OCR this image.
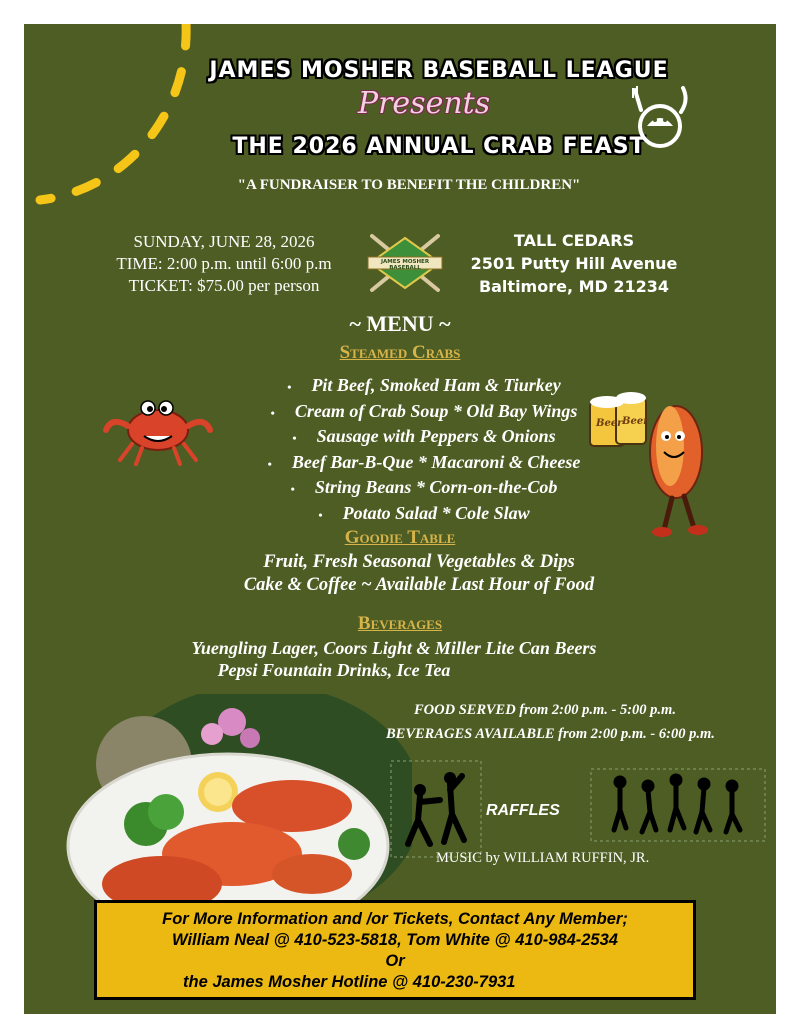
JAMES MOSHER BASEBALL LEAGUE
Presents
THE 2026 ANNUAL CRAB FEAST
"A FUNDRAISER TO BENEFIT THE CHILDREN"
SUNDAY, JUNE 28, 2026
TIME: 2:00 p.m. until 6:00 p.m
TICKET: $75.00 per person
JAMES MOSHER BASEBALL
TALL CEDARS
2501 Putty Hill Avenue
Baltimore, MD 21234
~ MENU ~
Steamed Crabs
• Pit Beef, Smoked Ham & Tiurkey
• Cream of Crab Soup * Old Bay Wings
• Sausage with Peppers & Onions
• Beef Bar-B-Que * Macaroni & Cheese
• String Beans * Corn-on-the-Cob
• Potato Salad * Cole Slaw
Beer Beer
Goodie Table
Fruit, Fresh Seasonal Vegetables & Dips
Cake & Coffee ~ Available Last Hour of Food
Beverages
Yuengling Lager, Coors Light & Miller Lite Can Beers
Pepsi Fountain Drinks, Ice Tea
FOOD SERVED from 2:00 p.m. - 5:00 p.m.
BEVERAGES AVAILABLE from 2:00 p.m. - 6:00 p.m.
RAFFLES
MUSIC by WILLIAM RUFFIN, JR.
For More Information and /or Tickets, Contact Any Member;
William Neal @ 410-523-5818, Tom White @ 410-984-2534
Or
the James Mosher Hotline @ 410-230-7931
